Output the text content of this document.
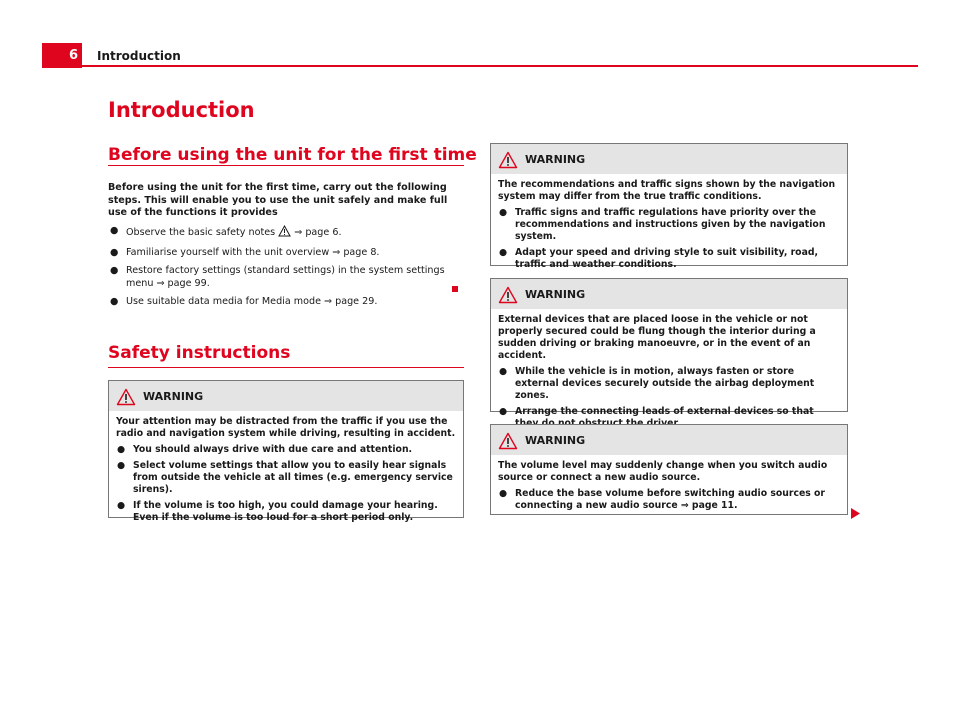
6	Introduction
Introduction
Before using the unit for the first time
Before using the unit for the first time, carry out the following steps. This will enable you to use the unit safely and make full use of the functions it provides
● Observe the basic safety notes  ⇒ page 6.
● Familiarise yourself with the unit overview ⇒ page 8.
● Restore factory settings (standard settings) in the system settings menu ⇒ page 99.
● Use suitable data media for Media mode ⇒ page 29.
Safety instructions
WARNING

Your attention may be distracted from the traffic if you use the radio and navigation system while driving, resulting in accident.

● You should always drive with due care and attention.

● Select volume settings that allow you to easily hear signals from outside the vehicle at all times (e.g. emergency service sirens).

● If the volume is too high, you could damage your hearing. Even if the volume is too loud for a short period only.

WARNING

The recommendations and traffic signs shown by the navigation system may differ from the true traffic conditions.

● Traffic signs and traffic regulations have priority over the recommendations and instructions given by the navigation system.

● Adapt your speed and driving style to suit visibility, road, traffic and weather conditions.

WARNING

External devices that are placed loose in the vehicle or not properly secured could be flung though the interior during a sudden driving or braking manoeuvre, or in the event of an accident.

● While the vehicle is in motion, always fasten or store external devices securely outside the airbag deployment zones.

● Arrange the connecting leads of external devices so that

WARNING

The volume level may suddenly change when you switch audio source or connect a new audio source.

● Reduce the base volume before switching audio sources or connecting a new audio source ⇒ page 11.
